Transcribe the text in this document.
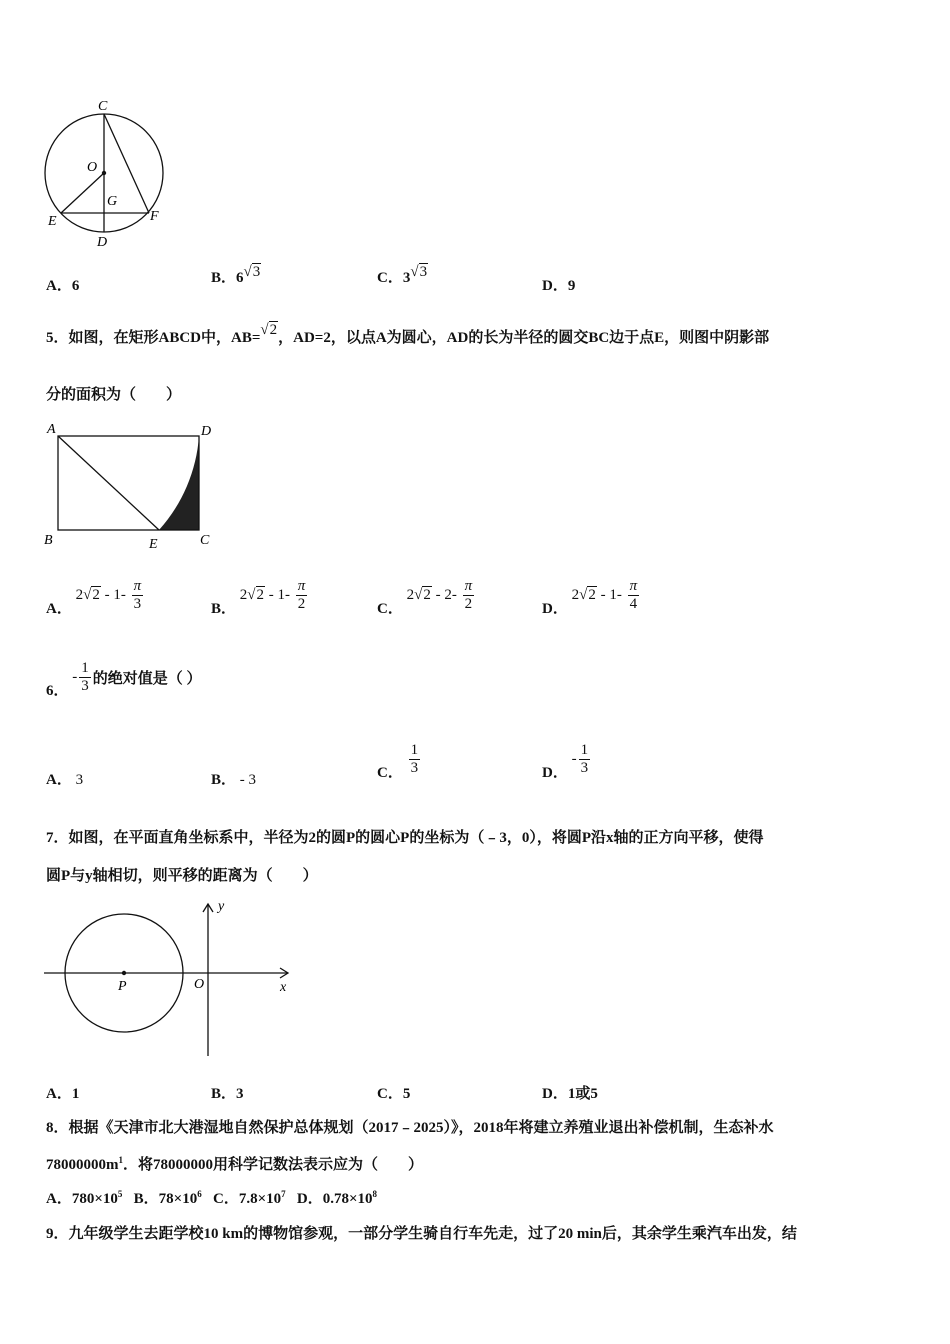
C
O
G
E	F
D
A．6	B．6√3	C．3√3
D．9
5．如图，在矩形ABCD中，AB=√2，AD=2，以点A为圆心，AD的长为半径的圆交BC边于点E，则图中阴影部
分的面积为（　　）
A	D
B	E	C
A． $2√2 - 1- \frac{\pi}{3}$	B． $2√2 - 1- \frac{\pi}{2}$	C． $2√2 - 2- \frac{\pi}{2}$	D． $2√2 - 1- \frac{\pi}{4}$
6． - $\frac{1}{3}$ 的绝对值是（ ）
A． 3	B． - 3	C． $\frac{1}{3}$	D． - $\frac{1}{3}$
7．如图，在平面直角坐标系中，半径为2的圆P的圆心P的坐标为（﹣3，0），将圆P沿x轴的正方向平移，使得
圆P与y轴相切，则平移的距离为（　　）
P	O	x
y
A．1	B．3	C．5	D．1或5
8．根据《天津市北大港湿地自然保护总体规划（2017﹣2025）》，2018年将建立养殖业退出补偿机制，生态补水
$78000000m^1$．将78000000用科学记数法表示应为（　　）
A．$780\times 10^5$ B．$78\times 10^6$ C．$7.8\times 10^7$ D．$0.78\times 10^8$
9．九年级学生去距学校10 km的博物馆参观，一部分学生骑自行车先走，过了20 min后，其余学生乘汽车出发，结
